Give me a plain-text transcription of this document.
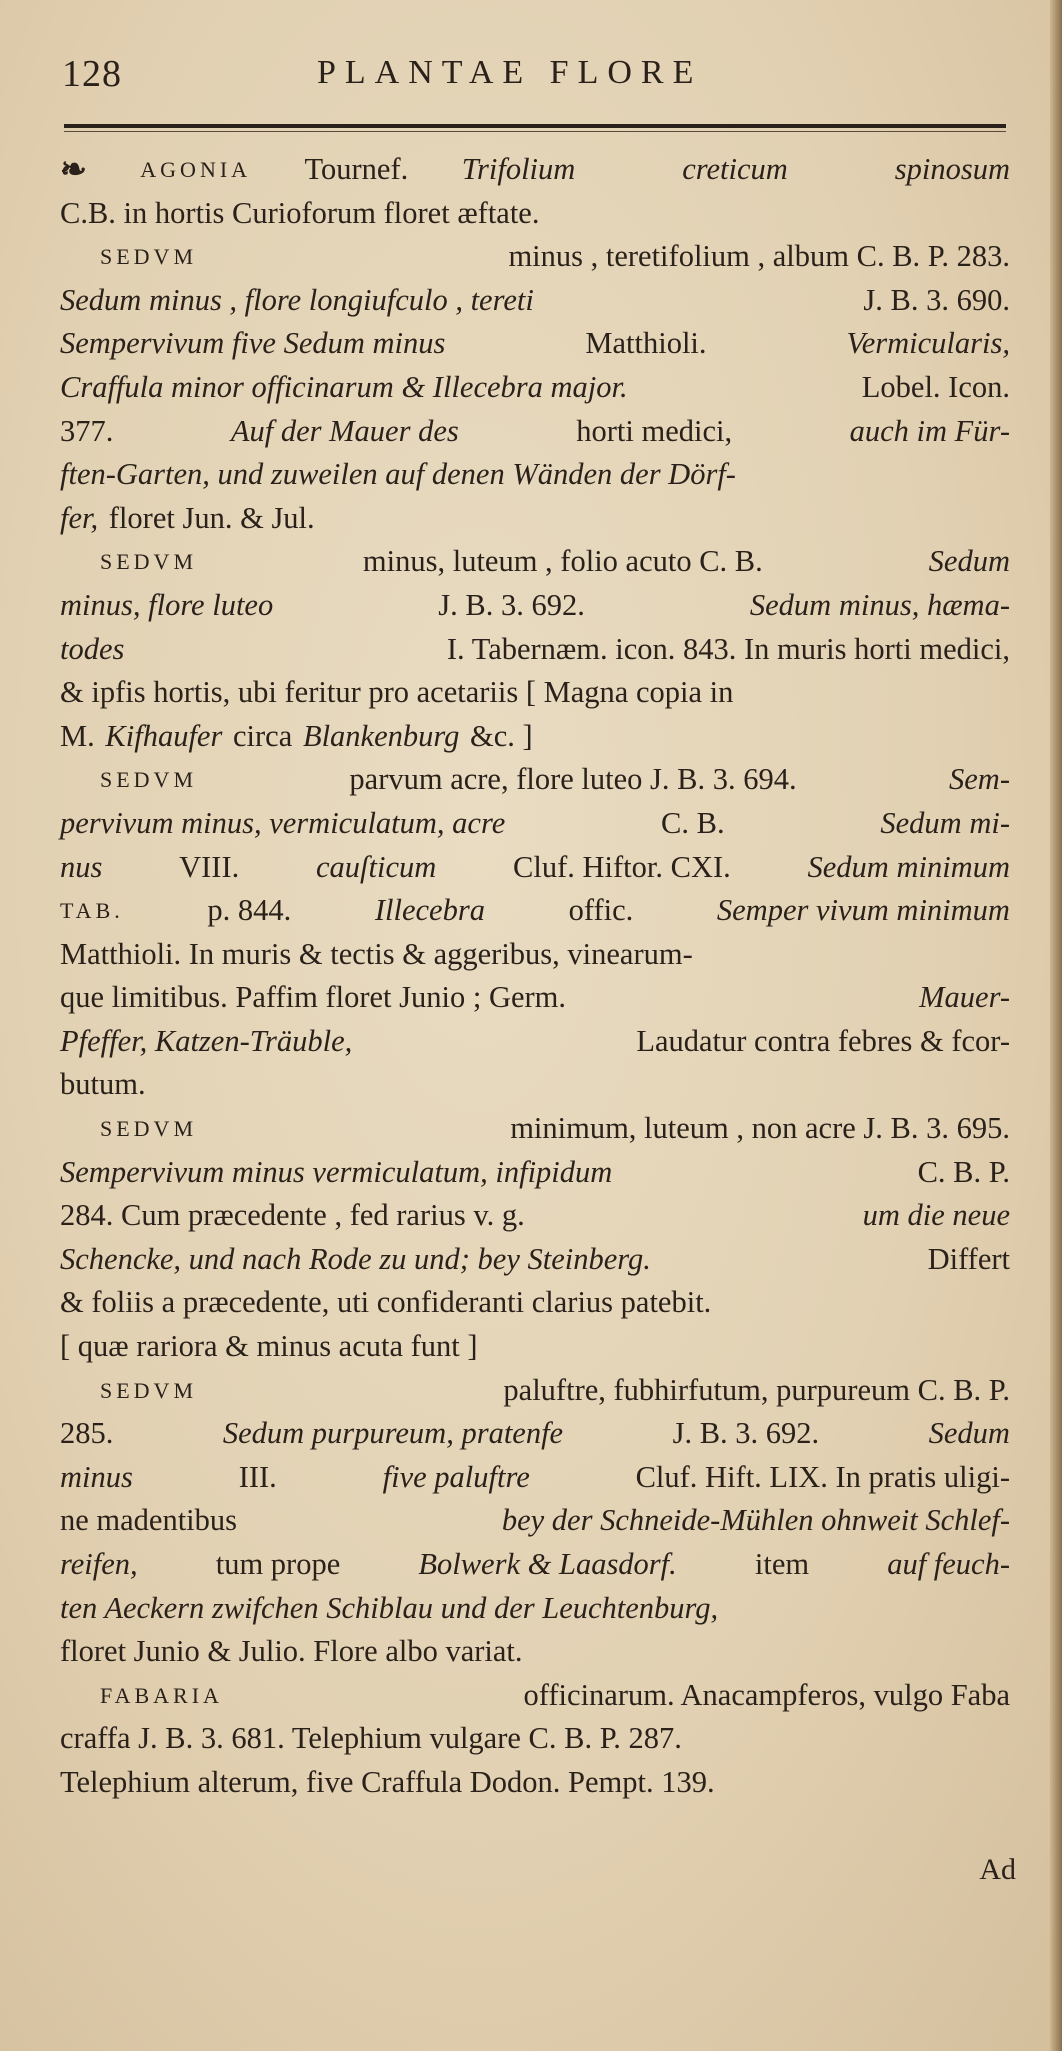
128	PLANTAE FLORE
❧ AGONIA Tournef. Trifolium	creticum	spinosum
C.B. in hortis Curioforum floret æftate.
SEDVM	minus , teretifolium , album C. B. P. 283.
Sedum minus , flore longiufculo , tereti	J. B. 3. 690.
Sempervivum five Sedum minus	Matthioli.	Vermicularis,
Craffula minor officinarum & Illecebra major.	Lobel. Icon.
377.	Auf der Mauer des	horti medici,	auch im Für-
ften-Garten, und zuweilen auf denen Wänden der Dörf-
fer, floret Jun. & Jul.
SEDVM	minus, luteum , folio acuto C. B.	Sedum
minus, flore luteo	J. B. 3. 692.	Sedum minus, hæma-
todes	I. Tabernæm. icon. 843. In muris horti medici,
& ipfis hortis, ubi feritur pro acetariis [ Magna copia in
M. Kifhaufer circa Blankenburg &c. ]
SEDVM	parvum acre, flore luteo J. B. 3. 694.	Sem-
pervivum minus, vermiculatum, acre	C. B.	Sedum mi-
nus	VIII.	cauſticum	Cluf. Hiftor. CXI.	Sedum minimum
TAB.	p. 844.	Illecebra	offic.	Semper vivum minimum
Matthioli. In muris & tectis & aggeribus, vinearum-
que limitibus. Paffim floret Junio ; Germ.	Mauer-
Pfeffer, Katzen-Träuble,	Laudatur contra febres & fcor-
butum.
SEDVM	minimum, luteum , non acre J. B. 3. 695.
Sempervivum minus vermiculatum, infipidum	C. B. P.
284. Cum præcedente , fed rarius v. g.	um die neue
Schencke, und nach Rode zu und; bey Steinberg.	Differt
& foliis a præcedente, uti confideranti clarius patebit.
[ quæ rariora & minus acuta funt ]
SEDVM	paluftre, fubhirfutum, purpureum C. B. P.
285.	Sedum purpureum, pratenfe	J. B. 3. 692.	Sedum
minus	III.	five paluftre	Cluf. Hift. LIX. In pratis uligi-
ne madentibus	bey der Schneide-Mühlen ohnweit Schlef-
reifen,	tum prope	Bolwerk & Laasdorf.	item	auf feuch-
ten Aeckern zwifchen Schiblau und der Leuchtenburg,
floret Junio & Julio. Flore albo variat.
FABARIA	officinarum. Anacampferos, vulgo Faba
craffa J. B. 3. 681. Telephium vulgare C. B. P. 287.
Telephium alterum, five Craffula Dodon. Pempt. 139.
Ad
